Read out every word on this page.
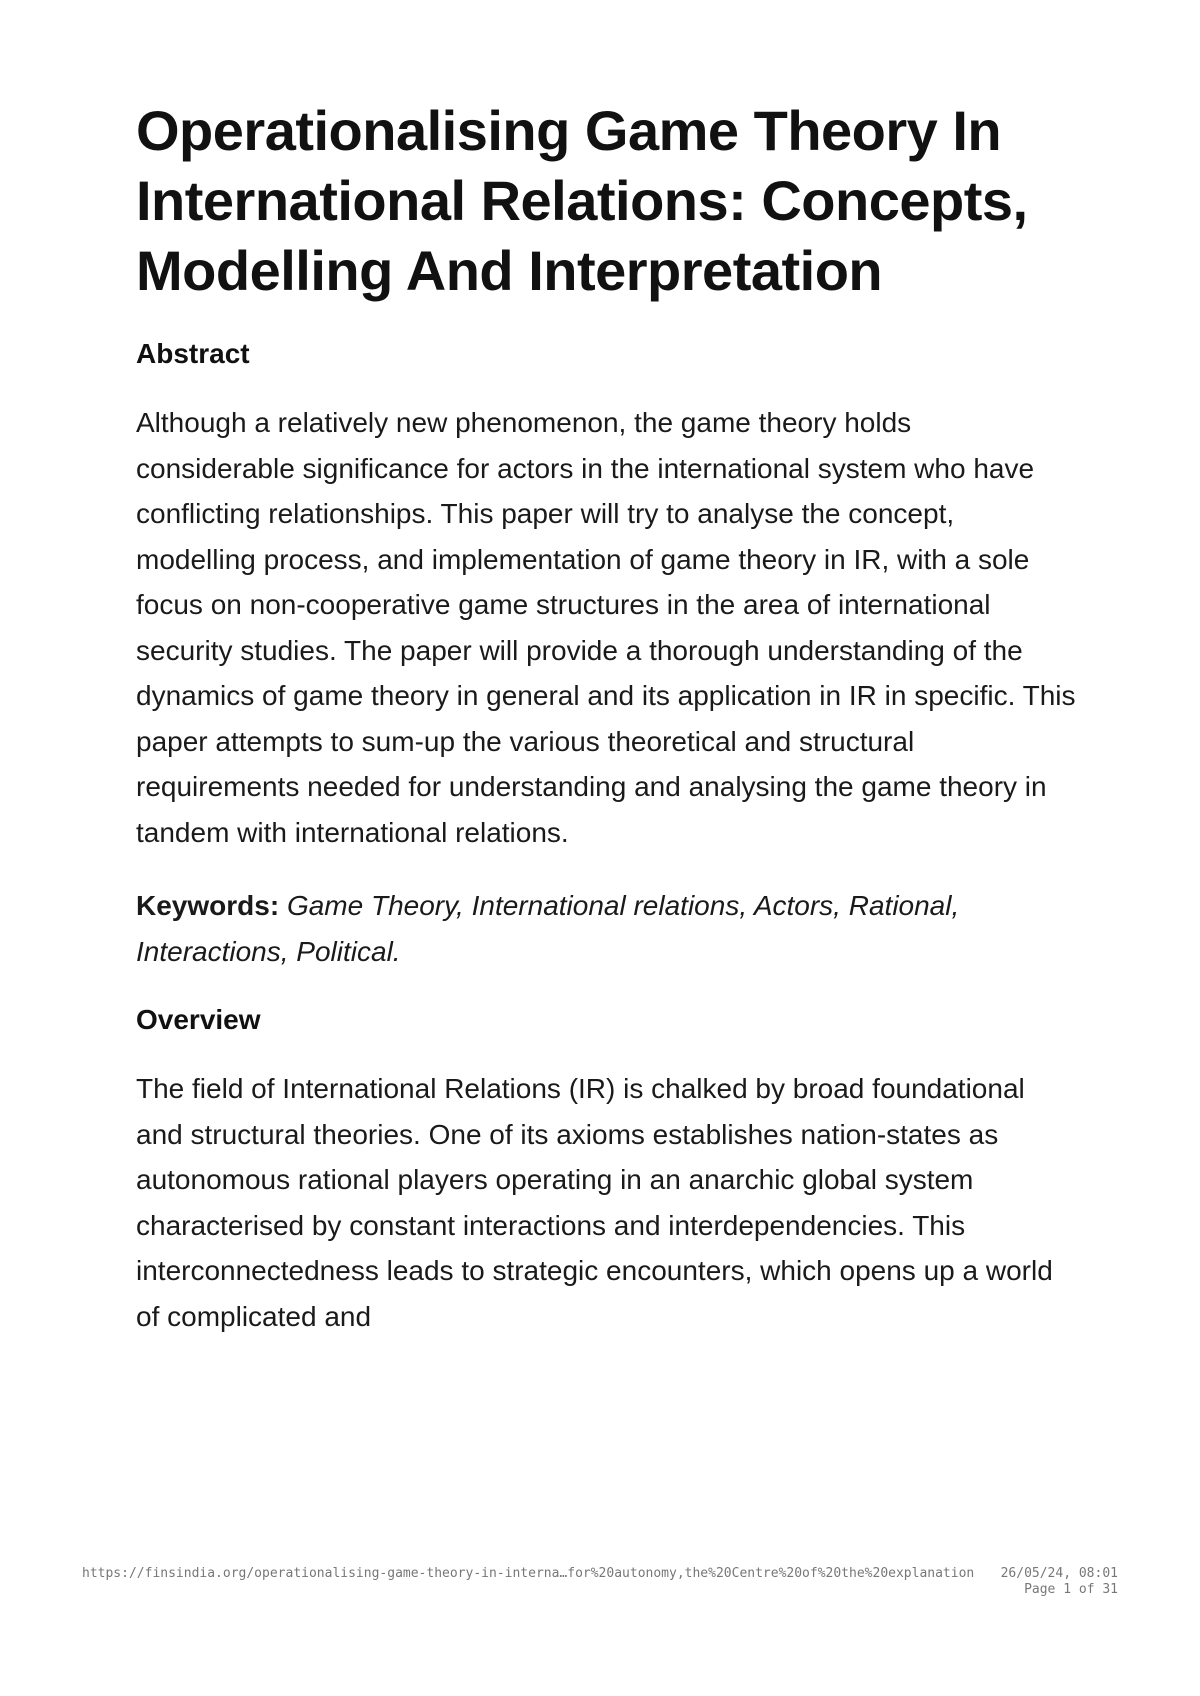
Operationalising Game Theory In International Relations: Concepts, Modelling And Interpretation
Abstract

Although a relatively new phenomenon, the game theory holds considerable significance for actors in the international system who have conflicting relationships. This paper will try to analyse the concept, modelling process, and implementation of game theory in IR, with a sole focus on non-cooperative game structures in the area of international security studies. The paper will provide a thorough understanding of the dynamics of game theory in general and its application in IR in specific. This paper attempts to sum-up the various theoretical and structural requirements needed for understanding and analysing the game theory in tandem with international relations.

Keywords: Game Theory, International relations, Actors, Rational, Interactions, Political.

Overview

The field of International Relations (IR) is chalked by broad foundational and structural theories. One of its axioms establishes nation-states as autonomous rational players operating in an anarchic global system characterised by constant interactions and interdependencies. This interconnectedness leads to strategic encounters, which opens up a world of complicated and

https://finsindia.org/operationalising-game-theory-in-interna…for%20autonomy,the%20Centre%20of%20the%20explanation 26/05/24, 08:01
Page 1 of 31
